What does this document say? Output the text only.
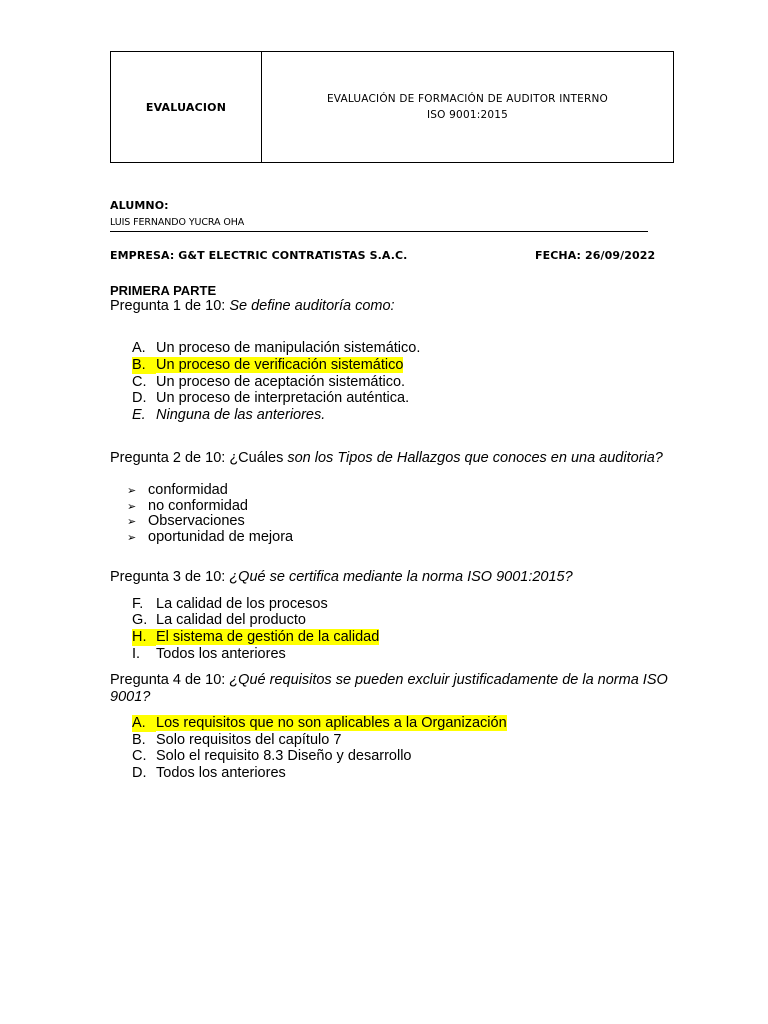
EVALUACION
EVALUACIÓN DE FORMACIÓN DE AUDITOR INTERNO
ISO 9001:2015
ALUMNO:
LUIS FERNANDO YUCRA OHA
EMPRESA: G&T ELECTRIC CONTRATISTAS S.A.C.	FECHA: 26/09/2022
PRIMERA PARTE
Pregunta 1 de 10: Se define auditoría como:
A. Un proceso de manipulación sistemático.
B. Un proceso de verificación sistemático
C. Un proceso de aceptación sistemático.
D. Un proceso de interpretación auténtica.
E. Ninguna de las anteriores.
Pregunta 2 de 10: ¿Cuáles son los Tipos de Hallazgos que conoces en una auditoria?
➢ conformidad
➢ no conformidad
➢ Observaciones
➢ oportunidad de mejora
Pregunta 3 de 10: ¿Qué se certifica mediante la norma ISO 9001:2015?
F. La calidad de los procesos
G. La calidad del producto
H. El sistema de gestión de la calidad
I. Todos los anteriores
Pregunta 4 de 10: ¿Qué requisitos se pueden excluir justificadamente de la norma ISO
9001?
A. Los requisitos que no son aplicables a la Organización
B. Solo requisitos del capítulo 7
C. Solo el requisito 8.3 Diseño y desarrollo
D. Todos los anteriores
